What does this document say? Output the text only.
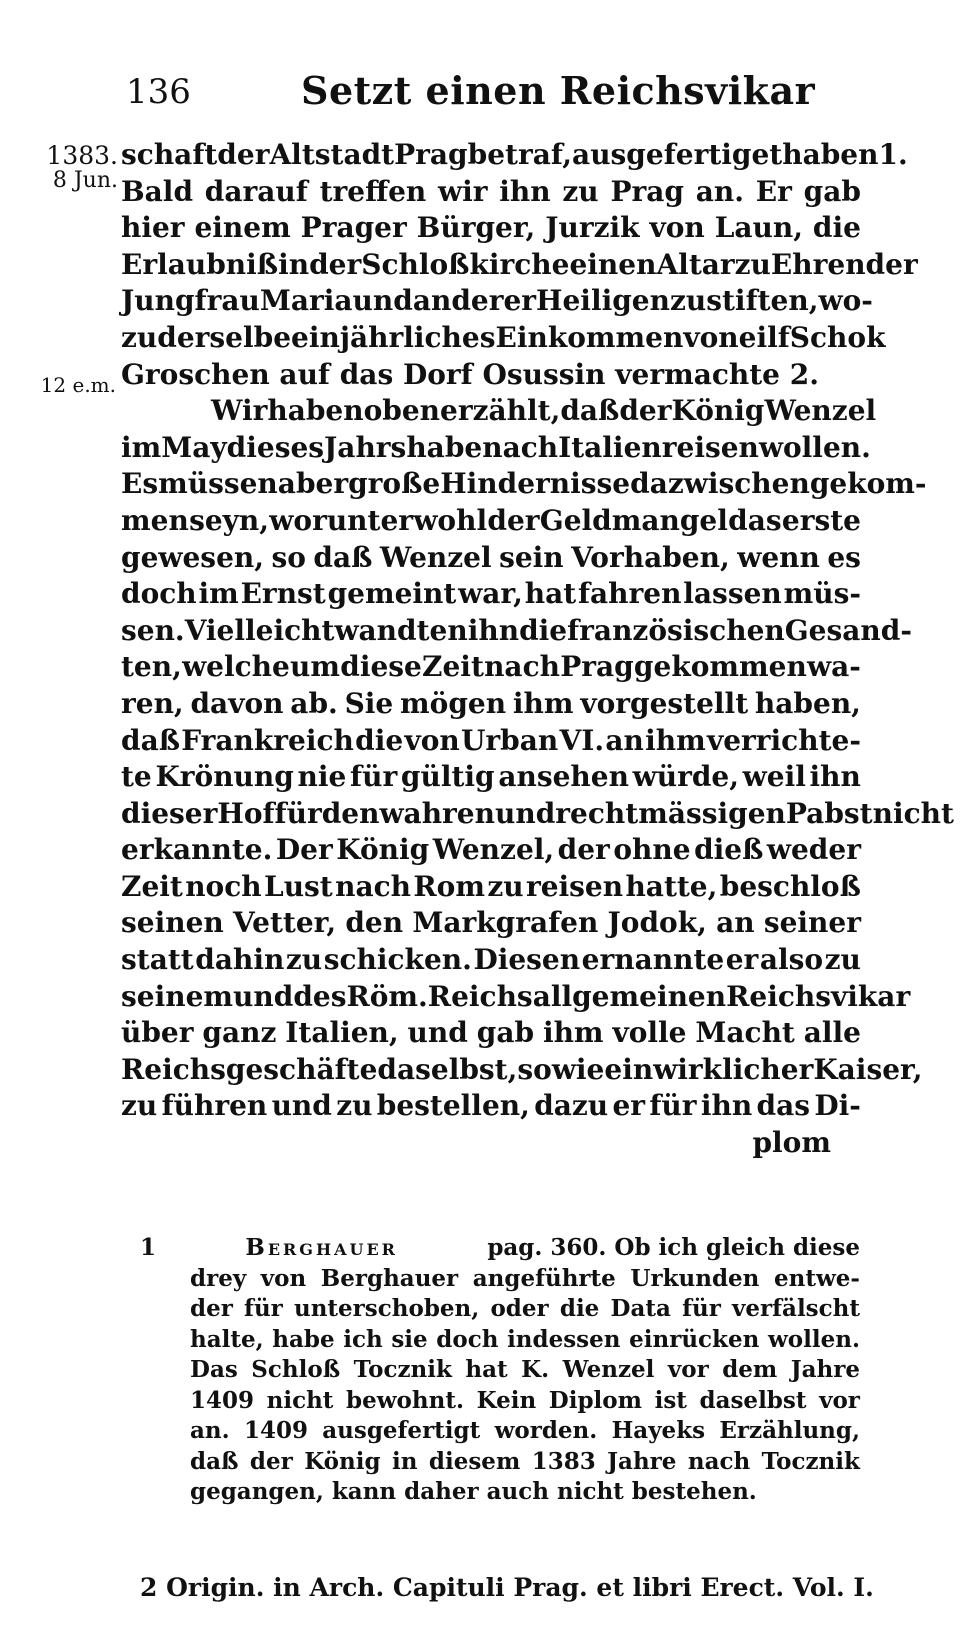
136	Setzt einen Reichsvikar
1383.
8 Jun.
12 e.m.
schaft der Altstadt Prag betraf, ausgefertiget haben 1.
Bald darauf treffen wir ihn zu Prag an. Er gab
hier einem Prager Bürger, Jurzik von Laun, die
Erlaubniß in der Schloßkirche einen Altar zu Ehren der
Jungfrau Maria und anderer Heiligen zu stiften, wo-
zu derselbe ein jährliches Einkommen von eilf Schok
Groschen auf das Dorf Osussin vermachte 2.
Wir haben oben erzählt, daß der König Wenzel
im May dieses Jahrs habe nach Italien reisen wollen.
Es müssen aber große Hindernisse dazwischen gekom-
men seyn, worunter wohl der Geldmangel das erste
gewesen, so daß Wenzel sein Vorhaben, wenn es
doch im Ernst gemeint war, hat fahren lassen müs-
sen. Vielleicht wandten ihn die französischen Gesand-
ten, welche um diese Zeit nach Prag gekommen wa-
ren, davon ab. Sie mögen ihm vorgestellt haben,
daß Frankreich die von Urban VI. an ihm verrichte-
te Krönung nie für gültig ansehen würde, weil ihn
dieser Hof für den wahren und rechtmässigen Pabst nicht
erkannte. Der König Wenzel, der ohne dieß weder
Zeit noch Lust nach Rom zu reisen hatte, beschloß
seinen Vetter, den Markgrafen Jodok, an seiner
statt dahin zu schicken. Diesen ernannte er also zu
seinem und des Röm. Reichs allgemeinen Reichsvikar
über ganz Italien, und gab ihm volle Macht alle
Reichsgeschäfte daselbst, so wie ein wirklicher Kaiser,
zu führen und zu bestellen, dazu er für ihn das Di-
plom
1	Berghauer	pag. 360. Ob ich gleich diese
drey von Berghauer angeführte Urkunden entwe-
der für unterschoben, oder die Data für verfälscht
halte, habe ich sie doch indessen einrücken wollen.
Das Schloß Tocznik hat K. Wenzel vor dem Jahre
1409 nicht bewohnt. Kein Diplom ist daselbst vor
an. 1409 ausgefertigt worden. Hayeks Erzählung,
daß der König in diesem 1383 Jahre nach Tocznik
gegangen, kann daher auch nicht bestehen.
2 Origin. in Arch. Capituli Prag. et libri Erect. Vol. I.
